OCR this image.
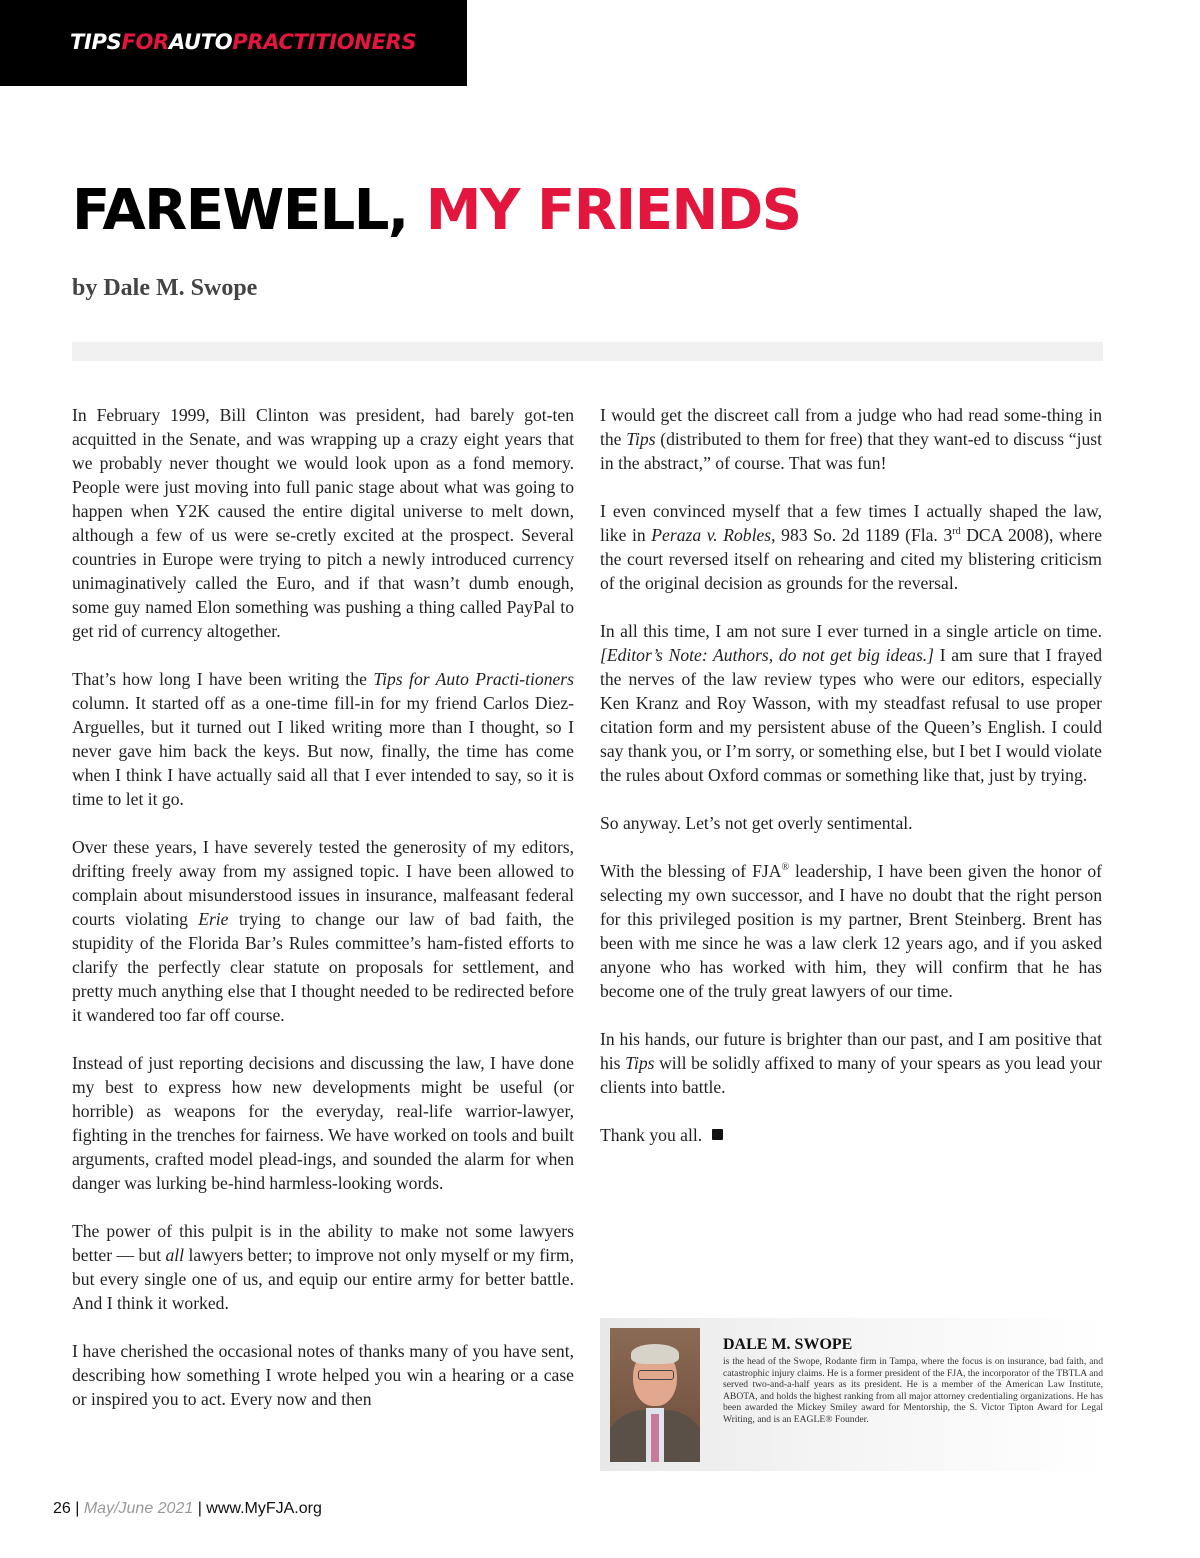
TIPSFORAUTOPRACTITIONERS
FAREWELL, MY FRIENDS
by Dale M. Swope

In February 1999, Bill Clinton was president, had barely got-ten acquitted in the Senate, and was wrapping up a crazy eight years that we probably never thought we would look upon as a fond memory. People were just moving into full panic stage about what was going to happen when Y2K caused the entire digital universe to melt down, although a few of us were se-cretly excited at the prospect. Several countries in Europe were trying to pitch a newly introduced currency unimaginatively called the Euro, and if that wasn’t dumb enough, some guy named Elon something was pushing a thing called PayPal to get rid of currency altogether.

That’s how long I have been writing the Tips for Auto Practi-tioners column. It started off as a one-time fill-in for my friend Carlos Diez-Arguelles, but it turned out I liked writing more than I thought, so I never gave him back the keys. But now, finally, the time has come when I think I have actually said all that I ever intended to say, so it is time to let it go.

Over these years, I have severely tested the generosity of my editors, drifting freely away from my assigned topic. I have been allowed to complain about misunderstood issues in insurance, malfeasant federal courts violating Erie trying to change our law of bad faith, the stupidity of the Florida Bar’s Rules committee’s ham-fisted efforts to clarify the perfectly clear statute on proposals for settlement, and pretty much anything else that I thought needed to be redirected before it wandered too far off course.

Instead of just reporting decisions and discussing the law, I have done my best to express how new developments might be useful (or horrible) as weapons for the everyday, real-life warrior-lawyer, fighting in the trenches for fairness. We have worked on tools and built arguments, crafted model plead-ings, and sounded the alarm for when danger was lurking be-hind harmless-looking words.

The power of this pulpit is in the ability to make not some lawyers better — but all lawyers better; to improve not only myself or my firm, but every single one of us, and equip our entire army for better battle. And I think it worked.

I have cherished the occasional notes of thanks many of you have sent, describing how something I wrote helped you win a hearing or a case or inspired you to act. Every now and then

I would get the discreet call from a judge who had read some-thing in the Tips (distributed to them for free) that they want-ed to discuss “just in the abstract,” of course. That was fun!

I even convinced myself that a few times I actually shaped the law, like in Peraza v. Robles, 983 So. 2d 1189 (Fla. 3rd DCA 2008), where the court reversed itself on rehearing and cited my blistering criticism of the original decision as grounds for the reversal.

In all this time, I am not sure I ever turned in a single article on time. [Editor’s Note: Authors, do not get big ideas.] I am sure that I frayed the nerves of the law review types who were our editors, especially Ken Kranz and Roy Wasson, with my steadfast refusal to use proper citation form and my persistent abuse of the Queen’s English. I could say thank you, or I’m sorry, or something else, but I bet I would violate the rules about Oxford commas or something like that, just by trying.

So anyway. Let’s not get overly sentimental.

With the blessing of FJA® leadership, I have been given the honor of selecting my own successor, and I have no doubt that the right person for this privileged position is my partner, Brent Steinberg. Brent has been with me since he was a law clerk 12 years ago, and if you asked anyone who has worked with him, they will confirm that he has become one of the truly great lawyers of our time.

In his hands, our future is brighter than our past, and I am positive that his Tips will be solidly affixed to many of your spears as you lead your clients into battle.

Thank you all.

DALE M. SWOPE
is the head of the Swope, Rodante firm in Tampa, where the focus is on insurance, bad faith, and catastrophic injury claims. He is a former president of the FJA, the incorporator of the TBTLA and served two-and-a-half years as its president. He is a member of the American Law Institute, ABOTA, and holds the highest ranking from all major attorney credentialing organizations. He has been awarded the Mickey Smiley award for Mentorship, the S. Victor Tipton Award for Legal Writing, and is an EAGLE® Founder.
26 | May/June 2021 | www.MyFJA.org
